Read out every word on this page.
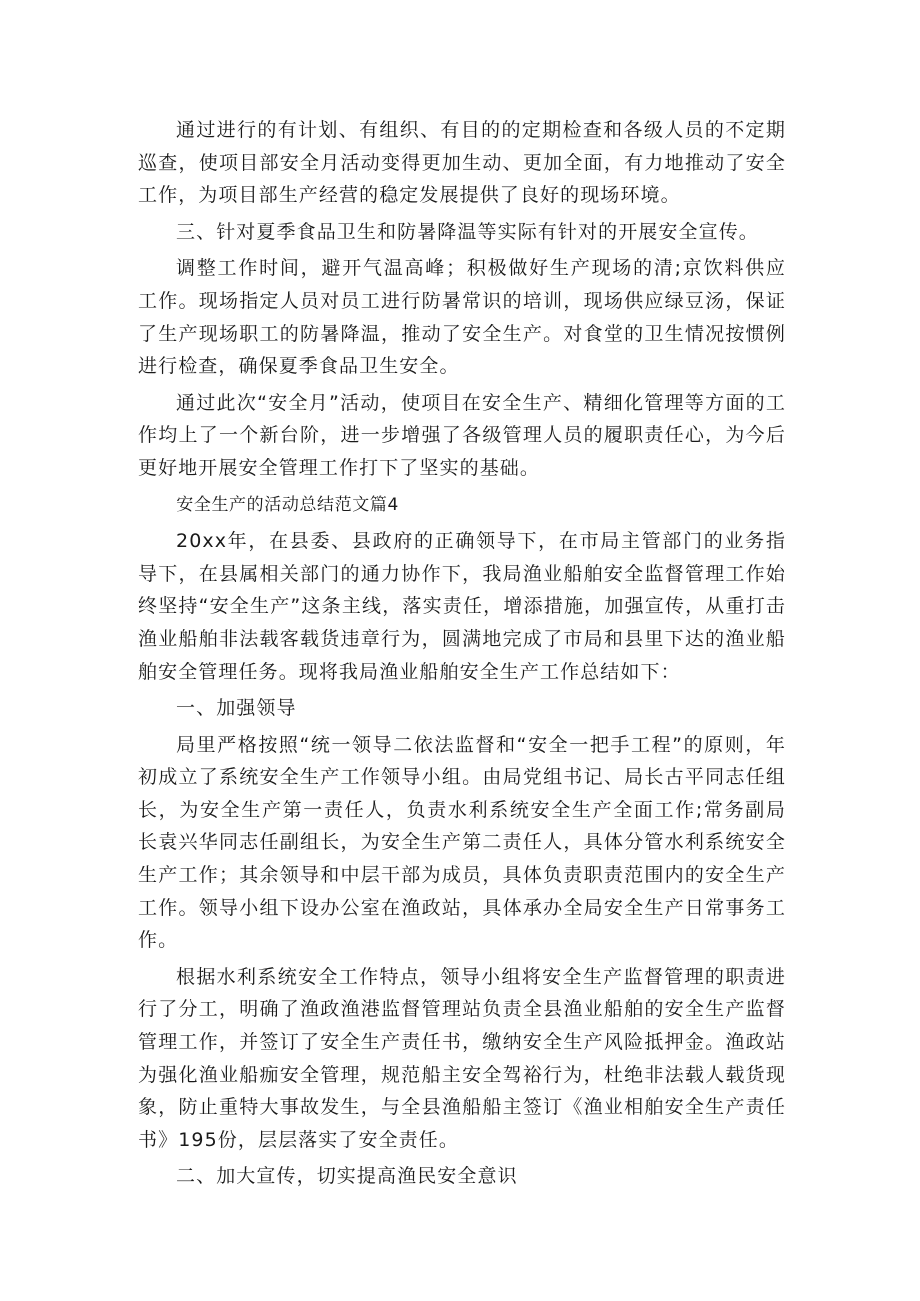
通过进行的有计划、有组织、有目的的定期检查和各级人员的不定期巡查，使项目部安全月活动变得更加生动、更加全面，有力地推动了安全工作，为项目部生产经营的稳定发展提供了良好的现场环境。

三、针对夏季食品卫生和防暑降温等实际有针对的开展安全宣传。

调整工作时间，避开气温高峰；积极做好生产现场的清;京饮料供应工作。现场指定人员对员工进行防暑常识的培训，现场供应绿豆汤，保证了生产现场职工的防暑降温，推动了安全生产。对食堂的卫生情况按惯例进行检查，确保夏季食品卫生安全。

通过此次“安全月”活动，使项目在安全生产、精细化管理等方面的工作均上了一个新台阶，进一步增强了各级管理人员的履职责任心，为今后更好地开展安全管理工作打下了坚实的基础。

安全生产的活动总结范文篇4

20xx年，在县委、县政府的正确领导下，在市局主管部门的业务指导下，在县属相关部门的通力协作下，我局渔业船舶安全监督管理工作始终坚持“安全生产”这条主线，落实责任，增添措施，加强宣传，从重打击渔业船舶非法载客载货违章行为，圆满地完成了市局和县里下达的渔业船舶安全管理任务。现将我局渔业船舶安全生产工作总结如下：

一、加强领导

局里严格按照“统一领导二依法监督和“安全一把手工程”的原则，年初成立了系统安全生产工作领导小组。由局党组书记、局长古平同志任组长，为安全生产第一责任人，负责水利系统安全生产全面工作;常务副局长袁兴华同志任副组长，为安全生产第二责任人，具体分管水利系统安全生产工作；其余领导和中层干部为成员，具体负责职责范围内的安全生产工作。领导小组下设办公室在渔政站，具体承办全局安全生产日常事务工作。

根据水利系统安全工作特点，领导小组将安全生产监督管理的职责进行了分工，明确了渔政渔港监督管理站负责全县渔业船舶的安全生产监督管理工作，并签订了安全生产责任书，缴纳安全生产风险抵押金。渔政站为强化渔业船痂安全管理，规范船主安全驾裕行为，杜绝非法载人载货现象，防止重特大事故发生，与全县渔船船主签订《渔业相舶安全生产责任书》195份，层层落实了安全责任。

二、加大宣传，切实提高渔民安全意识
